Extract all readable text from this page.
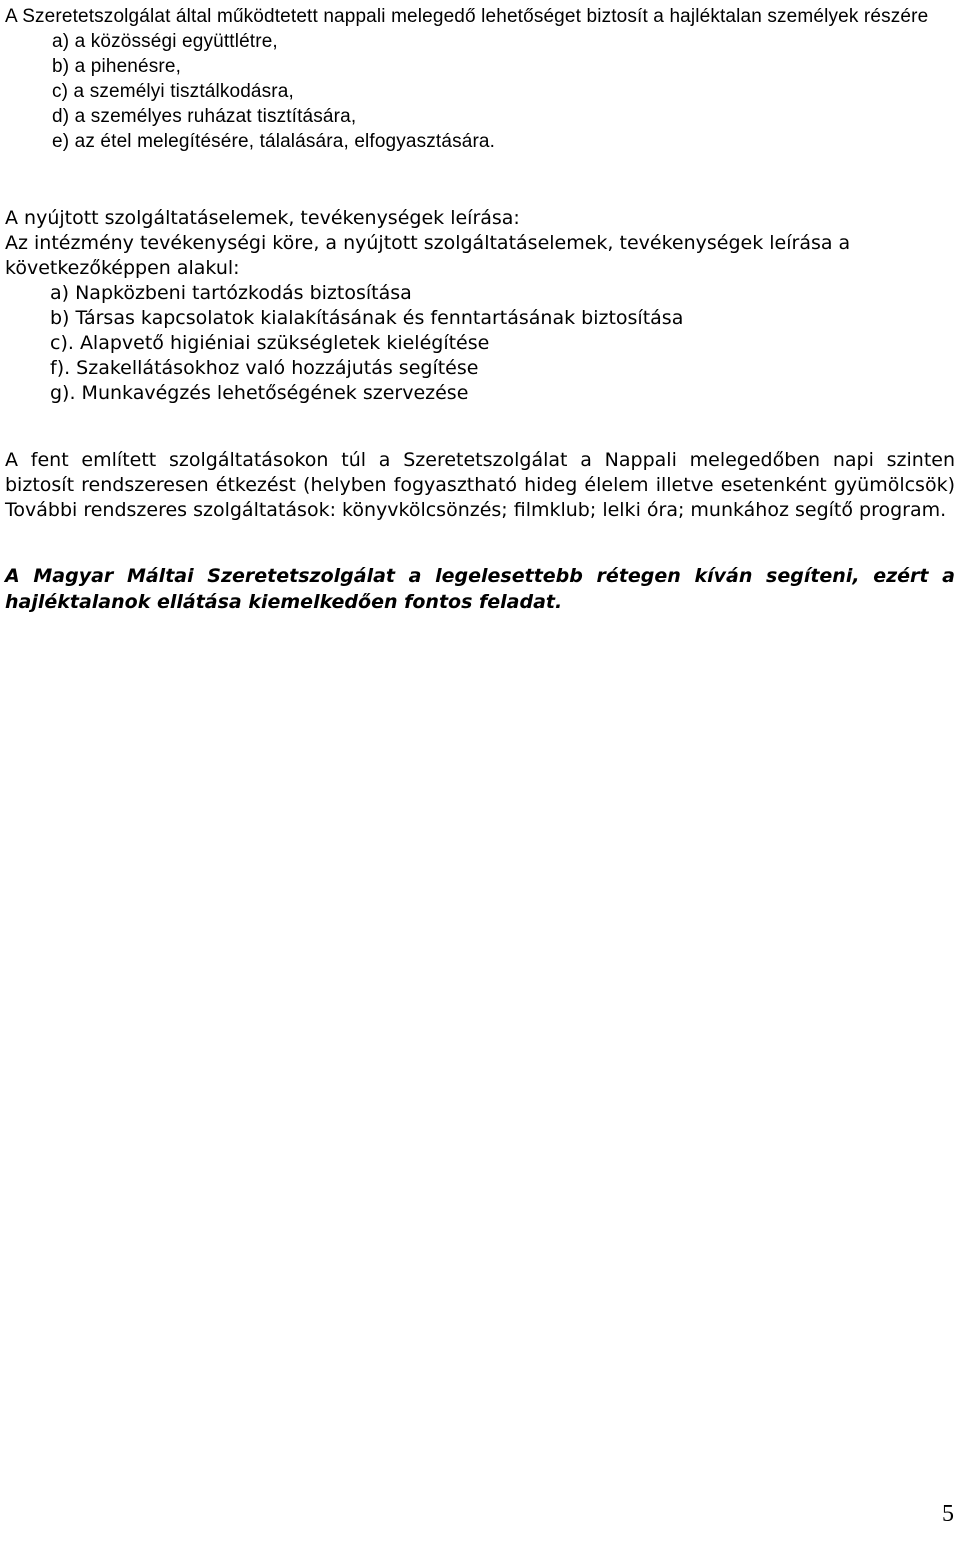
A Szeretetszolgálat által működtetett nappali melegedő lehetőséget biztosít a hajléktalan személyek részére

a) a közösségi együttlétre,
b) a pihenésre,
c) a személyi tisztálkodásra,
d) a személyes ruházat tisztítására,
e) az étel melegítésére, tálalására, elfogyasztására.

A nyújtott szolgáltatáselemek, tevékenységek leírása:

Az intézmény tevékenységi köre, a nyújtott szolgáltatáselemek, tevékenységek leírása a következőképpen alakul:

a) Napközbeni tartózkodás biztosítása
b) Társas kapcsolatok kialakításának és fenntartásának biztosítása
c). Alapvető higiéniai szükségletek kielégítése
f). Szakellátásokhoz való hozzájutás segítése
g). Munkavégzés lehetőségének szervezése

A fent említett szolgáltatásokon túl a Szeretetszolgálat a Nappali melegedőben napi szinten biztosít rendszeresen étkezést (helyben fogyasztható hideg élelem illetve esetenként gyümölcsök) További rendszeres szolgáltatások: könyvkölcsönzés; filmklub; lelki óra; munkához segítő program.

A Magyar Máltai Szeretetszolgálat a legelesettebb rétegen kíván segíteni, ezért a hajléktalanok ellátása kiemelkedően fontos feladat.

5
